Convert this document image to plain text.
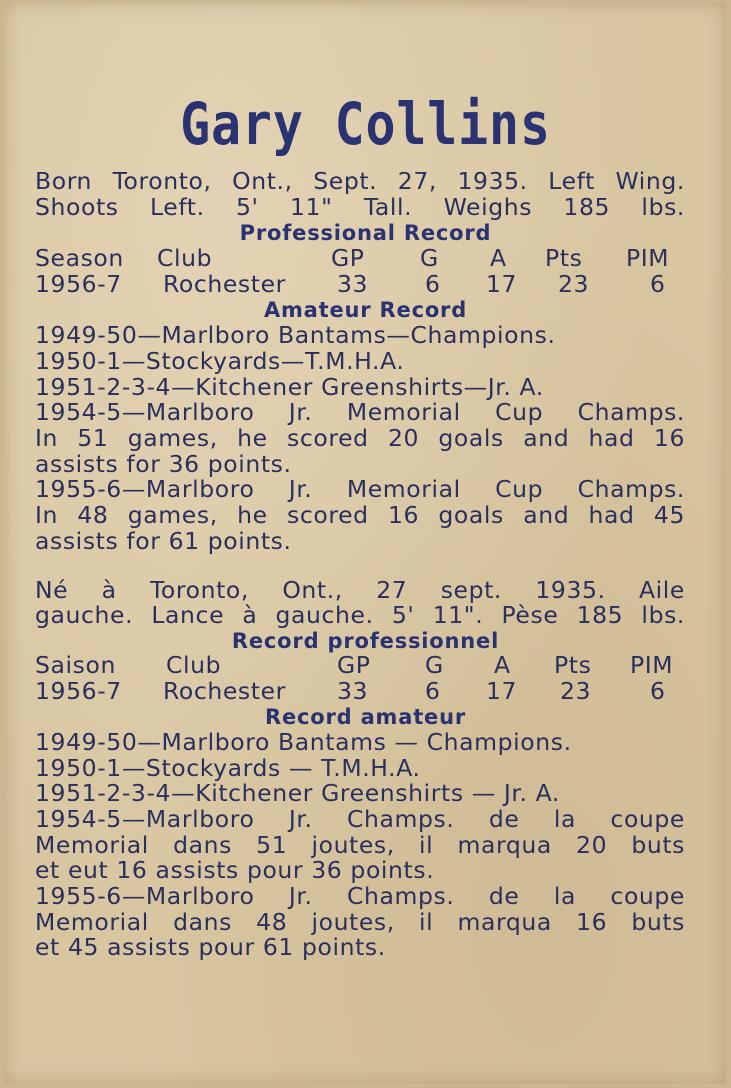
Gary Collins

Born Toronto, Ont., Sept. 27, 1935. Left Wing.

Shoots Left. 5' 11" Tall. Weighs 185 lbs.

Professional Record
Season Club	GP G A Pts PIM
1956-7 Rochester 33 6 17 23	6
Amateur Record

1949-50—Marlboro Bantams—Champions.

1950-1—Stockyards—T.M.H.A.

1951-2-3-4—Kitchener Greenshirts—Jr. A.

1954-5—Marlboro Jr. Memorial Cup Champs.

In 51 games, he scored 20 goals and had 16

assists for 36 points.

1955-6—Marlboro Jr. Memorial Cup Champs.

In 48 games, he scored 16 goals and had 45

assists for 61 points.

Né à Toronto, Ont., 27 sept. 1935. Aile

gauche. Lance à gauche. 5' 11". Pèse 185 lbs.

Record professionnel
Saison Club	GP G A Pts PIM
1956-7 Rochester 33 6 17 23	6
Record amateur

1949-50—Marlboro Bantams — Champions.

1950-1—Stockyards — T.M.H.A.

1951-2-3-4—Kitchener Greenshirts — Jr. A.

1954-5—Marlboro Jr. Champs. de la coupe

Memorial dans 51 joutes, il marqua 20 buts

et eut 16 assists pour 36 points.

1955-6—Marlboro Jr. Champs. de la coupe

Memorial dans 48 joutes, il marqua 16 buts

et 45 assists pour 61 points.
